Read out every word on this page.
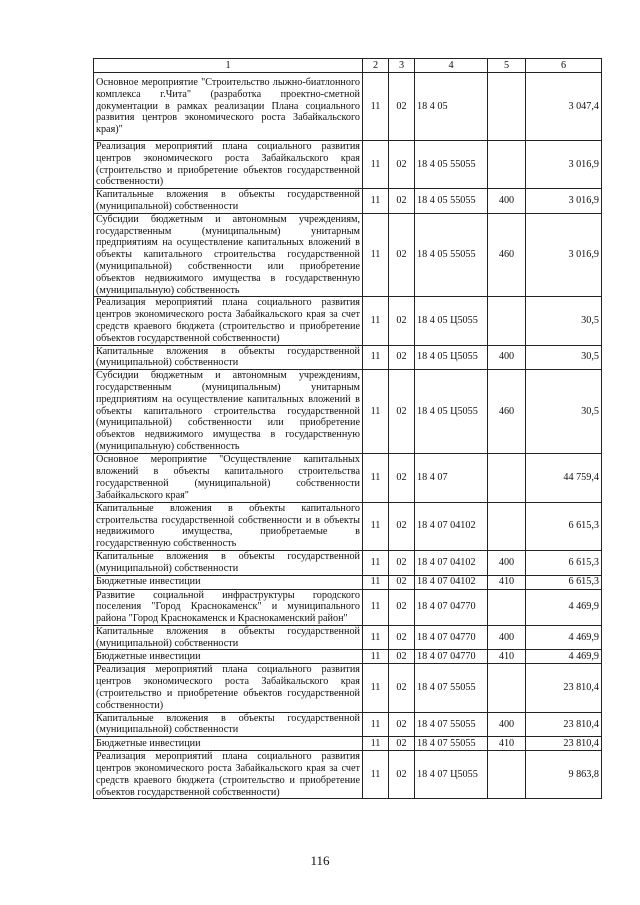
1	2	3	4	5	6
Основное мероприятие "Строительство лыжно-биатлонного комплекса г.Чита" (разработка проектно-сметной документации в рамках реализации Плана социального развития центров экономического роста Забайкальского края)"	11	02	18 4 05		3 047,4
Реализация мероприятий плана социального развития центров экономического роста Забайкальского края (строительство и приобретение объектов государственной собственности)	11	02	18 4 05 55055		3 016,9
Капитальные вложения в объекты государственной (муниципальной) собственности	11	02	18 4 05 55055	400	3 016,9
Субсидии бюджетным и автономным учреждениям, государственным (муниципальным) унитарным предприятиям на осуществление капитальных вложений в объекты капитального строительства государственной (муниципальной) собственности или приобретение объектов недвижимого имущества в государственную (муниципальную) собственность	11	02	18 4 05 55055	460	3 016,9
Реализация мероприятий плана социального развития центров экономического роста Забайкальского края за счет средств краевого бюджета (строительство и приобретение объектов государственной собственности)	11	02	18 4 05 Ц5055		30,5
Капитальные вложения в объекты государственной (муниципальной) собственности	11	02	18 4 05 Ц5055	400	30,5
Субсидии бюджетным и автономным учреждениям, государственным (муниципальным) унитарным предприятиям на осуществление капитальных вложений в объекты капитального строительства государственной (муниципальной) собственности или приобретение объектов недвижимого имущества в государственную (муниципальную) собственность	11	02	18 4 05 Ц5055	460	30,5
Основное мероприятие "Осуществление капитальных вложений в объекты капитального строительства государственной (муниципальной) собственности Забайкальского края"	11	02	18 4 07		44 759,4
Капитальные вложения в объекты капитального строительства государственной собственности и в объекты недвижимого имущества, приобретаемые в государственную собственность	11	02	18 4 07 04102		6 615,3
Капитальные вложения в объекты государственной (муниципальной) собственности	11	02	18 4 07 04102	400	6 615,3
Бюджетные инвестиции	11	02	18 4 07 04102	410	6 615,3
Развитие социальной инфраструктуры городского поселения "Город Краснокаменск" и муниципального района "Город Краснокаменск и Краснокаменский район"	11	02	18 4 07 04770		4 469,9
Капитальные вложения в объекты государственной (муниципальной) собственности	11	02	18 4 07 04770	400	4 469,9
Бюджетные инвестиции	11	02	18 4 07 04770	410	4 469,9
Реализация мероприятий плана социального развития центров экономического роста Забайкальского края (строительство и приобретение объектов государственной собственности)	11	02	18 4 07 55055		23 810,4
Капитальные вложения в объекты государственной (муниципальной) собственности	11	02	18 4 07 55055	400	23 810,4
Бюджетные инвестиции	11	02	18 4 07 55055	410	23 810,4
Реализация мероприятий плана социального развития центров экономического роста Забайкальского края за счет средств краевого бюджета (строительство и приобретение объектов государственной собственности)	11	02	18 4 07 Ц5055		9 863,8
116
